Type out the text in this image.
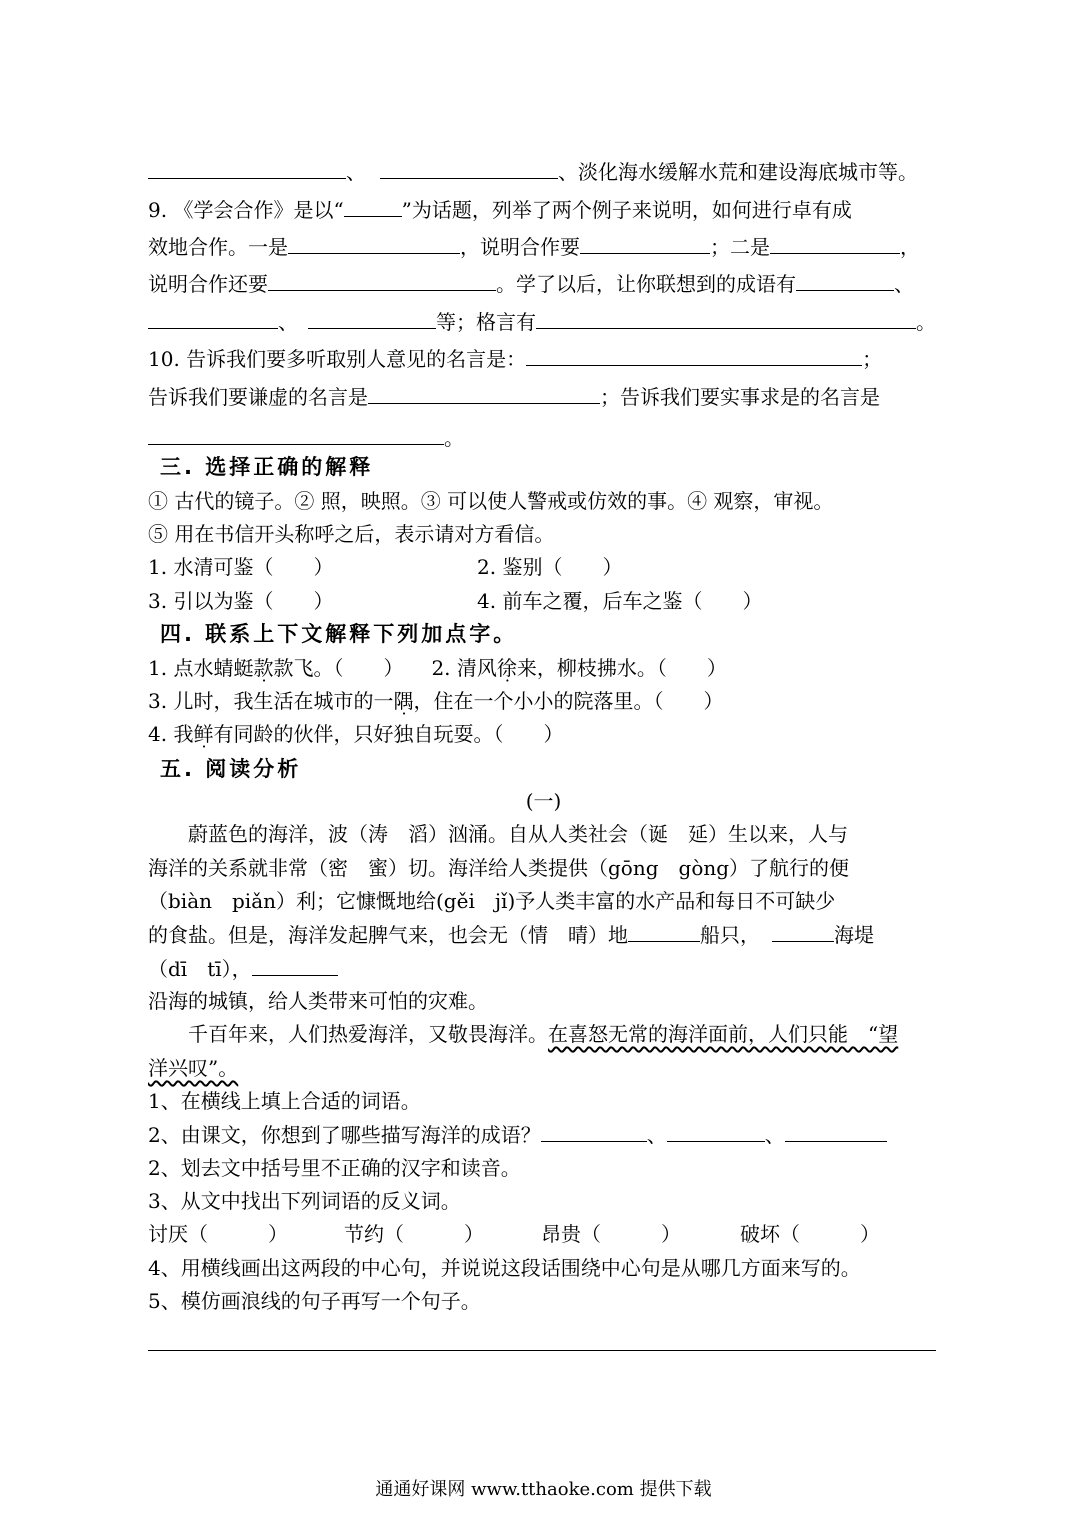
、	、淡化海水缓解水荒和建设海底城市等。
9. 《学会合作》是以“	”为话题，列举了两个例子来说明，如何进行卓有成
效地合作。一是	，说明合作要	；二是	，
说明合作还要	。学了以后，让你联想到的成语有	、
、	等；格言有	。
10. 告诉我们要多听取别人意见的名言是：	；
告诉我们要谦虚的名言是	；告诉我们要实事求是的名言是
。
三. 选择正确的解释
① 古代的镜子。② 照，映照。③ 可以使人警戒或仿效的事。④ 观察，审视。
⑤ 用在书信开头称呼之后，表示请对方看信。
1. 水清可鉴（　　）	2. 鉴别（　　）
3. 引以为鉴（　　）	4. 前车之覆，后车之鉴（　　）
四. 联系上下文解释下列加点字。
1. 点水蜻蜓款款飞。（　　） 2. 清风徐来，柳枝拂水。（　　）
3. 儿时，我生活在城市的一隅，住在一个小小的院落里。（　　）
4. 我鲜有同龄的伙伴，只好独自玩耍。（　　）
五. 阅读分析
(一)
　　蔚蓝色的海洋，波（涛　滔）汹涌。自从人类社会（诞　延）生以来，人与
海洋的关系就非常（密　蜜）切。海洋给人类提供（gōng　gòng）了航行的便
（biàn　piǎn）利；它慷慨地给(gěi　jǐ)予人类丰富的水产品和每日不可缺少
的食盐。但是，海洋发起脾气来，也会无（情　晴）地	船只，	海堤
（dī　tī），
沿海的城镇，给人类带来可怕的灾难。
　　千百年来，人们热爱海洋，又敬畏海洋。在喜怒无常的海洋面前，人们只能　“望
洋兴叹”。
1、在横线上填上合适的词语。
2、由课文，你想到了哪些描写海洋的成语？	、	、
2、划去文中括号里不正确的汉字和读音。
3、从文中找出下列词语的反义词。
讨厌（　　　）	节约（　　　）	昂贵（　　　）	破坏（　　　）
4、用横线画出这两段的中心句，并说说这段话围绕中心句是从哪几方面来写的。
5、模仿画浪线的句子再写一个句子。
通通好课网 www.tthaoke.com 提供下载
